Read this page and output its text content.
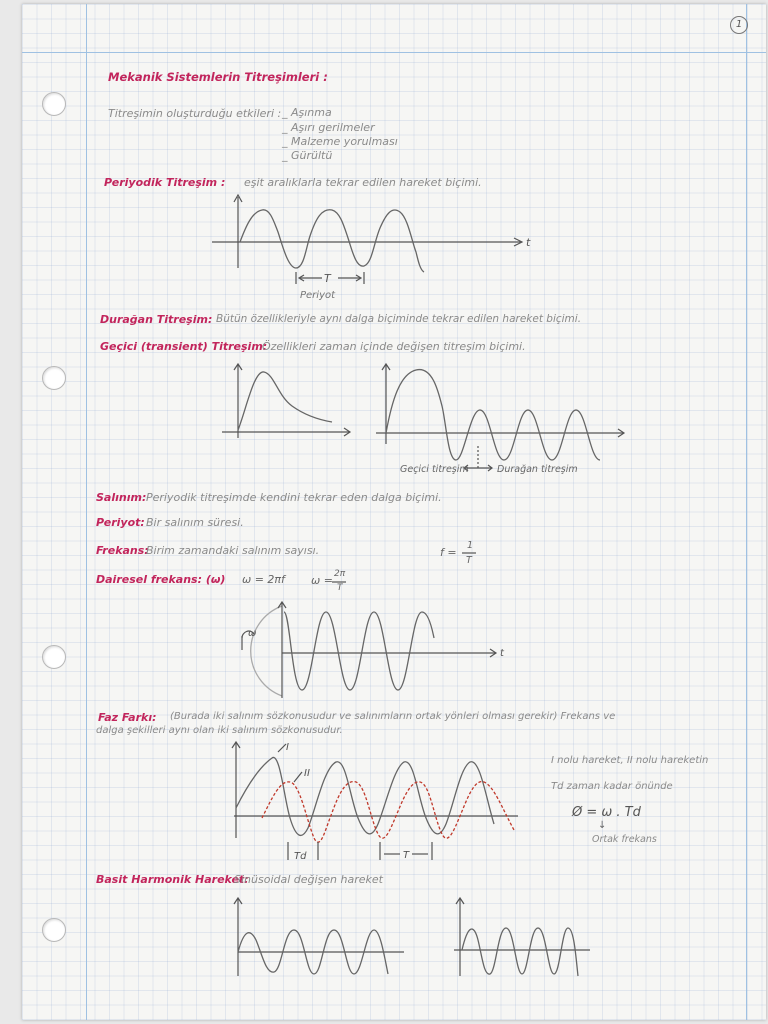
1
Mekanik Sistemlerin Titreşimleri :
Titreşimin oluşturduğu etkileri : _ Aşınma
_ Aşırı gerilmeler
_ Malzeme yorulması
_ Gürültü
Periyodik Titreşim : eşit aralıklarla tekrar edilen hareket biçimi.
T
t
Periyot
Durağan Titreşim: Bütün özellikleriyle aynı dalga biçiminde tekrar edilen hareket biçimi.
Geçici (transient) Titreşim:
Özellikleri zaman içinde değişen titreşim biçimi.
Geçici titreşim	Durağan titreşim
Salınım: Periyodik titreşimde kendini tekrar eden dalga biçimi.
Periyot: Bir salınım süresi.
Frekans:
Birim zamandaki salınım sayısı.	f =
1
T
Dairesel frekans: (ω) ω = 2πf ω = 2π
T
ω
t
Faz Farkı: (Burada iki salınım sözkonusudur ve salınımların ortak yönleri olması gerekir) Frekans ve
dalga şekilleri aynı olan iki salınım sözkonusudur.
I
II
Td	T
I nolu hareket, II nolu hareketin
Td zaman kadar önünde
Ø = ω . Td
↓
Ortak frekans
Basit Harmonik Hareket:
Sinüsoidal değişen hareket
